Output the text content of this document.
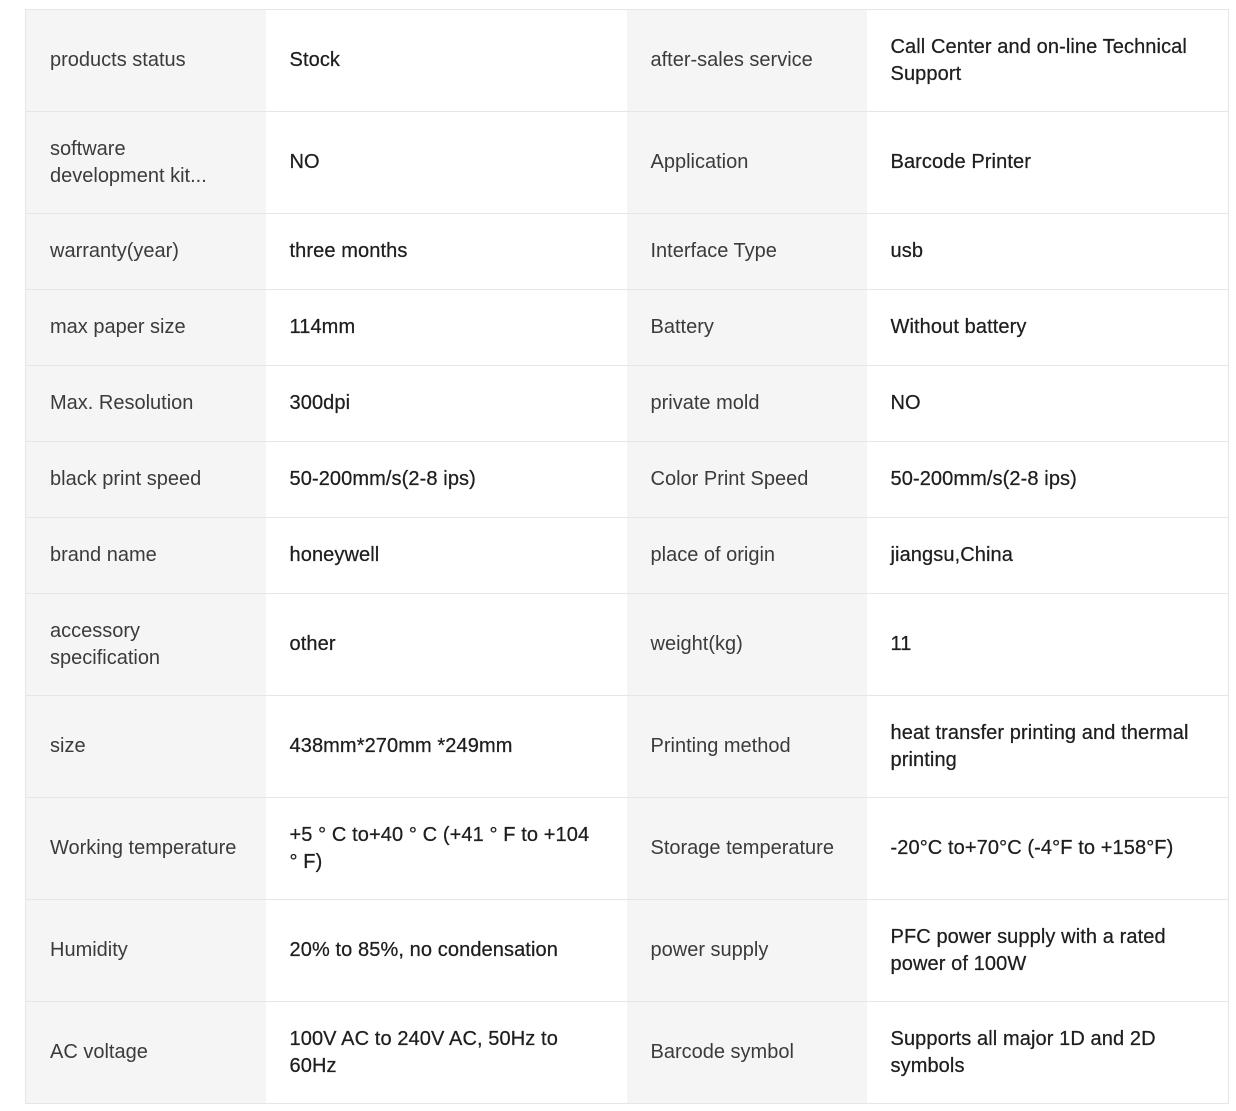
products status	Stock	after-sales service	Call Center and on-line Technical Support
software development kit...	NO	Application	Barcode Printer
warranty(year)	three months	Interface Type	usb
max paper size	114mm	Battery	Without battery
Max. Resolution	300dpi	private mold	NO
black print speed	50-200mm/s(2-8 ips)	Color Print Speed	50-200mm/s(2-8 ips)
brand name	honeywell	place of origin	jiangsu,China
accessory specification	other	weight(kg)	11
size	438mm*270mm *249mm	Printing method	heat transfer printing and thermal printing
Working temperature	+5 ° C to+40 ° C (+41 ° F to +104 ° F)	Storage temperature	-20°C to+70°C (-4°F to +158°F)
Humidity	20% to 85%, no condensation	power supply	PFC power supply with a rated power of 100W
AC voltage	100V AC to 240V AC, 50Hz to 60Hz	Barcode symbol	Supports all major 1D and 2D symbols
